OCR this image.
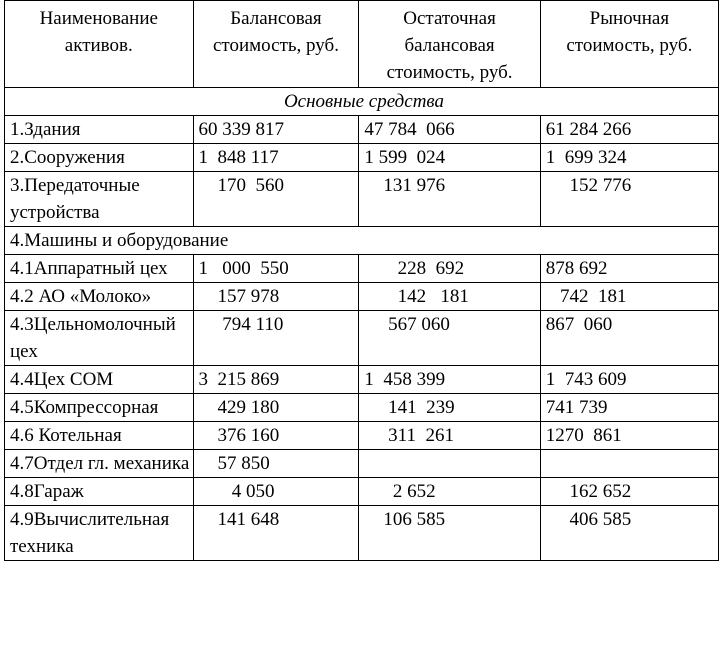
Наименование активов.	Балансовая стоимость, руб.	Остаточная балансовая стоимость, руб.	Рыночная стоимость, руб.
Основные средства			
1.Здания	60 339 817	47 784  066	61 284 266
2.Сооружения	1  848 117	1 599  024	1  699 324
3.Передаточные устройства	170  560	131 976	152 776
4.Машины и оборудование			
4.1Аппаратный цех	1   000  550	228  692	878 692
4.2 АО «Молоко»	157 978	142   181	742  181
4.3Цельномолочный цех	794 110	567 060	867  060
4.4Цех СОМ	3  215 869	1  458 399	1  743 609
4.5Компрессорная	429 180	141  239	741 739
4.6 Котельная	376 160	311  261	1270  861
4.7Отдел гл. механика	57 850		
4.8Гараж	4 050	2 652	162 652
4.9Вычислительная техника	141 648	106 585	406 585
